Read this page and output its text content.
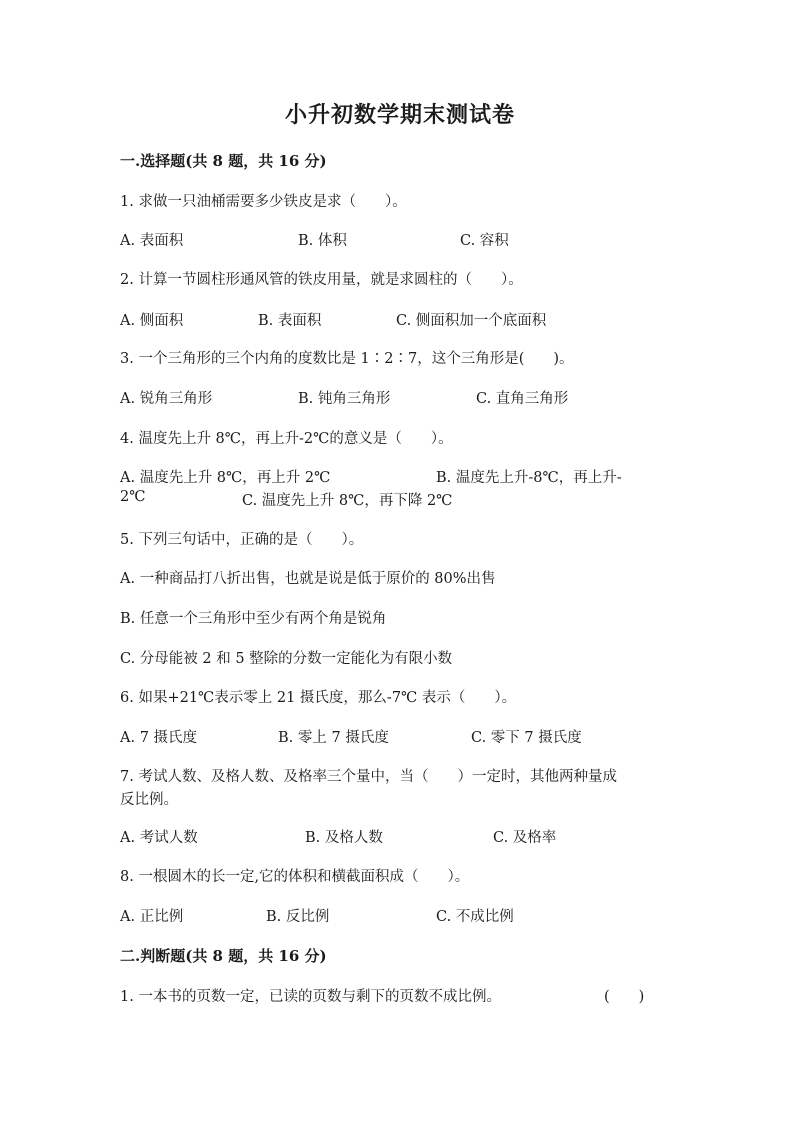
小升初数学期末测试卷
一.选择题(共 8 题，共 16 分)
1. 求做一只油桶需要多少铁皮是求（　　）。
A. 表面积	B. 体积	C. 容积
2. 计算一节圆柱形通风管的铁皮用量，就是求圆柱的（　　）。
A. 侧面积	B. 表面积	C. 侧面积加一个底面积
3. 一个三角形的三个内角的度数比是 1∶2∶7，这个三角形是(　　)。
A. 锐角三角形	B. 钝角三角形	C. 直角三角形
4. 温度先上升 8℃，再上升-2℃的意义是（　　）。
A. 温度先上升 8℃，再上升 2℃	B. 温度先上升-8℃，再上升-
2℃	C. 温度先上升 8℃，再下降 2℃
5. 下列三句话中，正确的是（　　）。
A. 一种商品打八折出售，也就是说是低于原价的 80%出售
B. 任意一个三角形中至少有两个角是锐角
C. 分母能被 2 和 5 整除的分数一定能化为有限小数
6. 如果+21℃表示零上 21 摄氏度，那么-7℃ 表示（　　）。
A. 7 摄氏度	B. 零上 7 摄氏度	C. 零下 7 摄氏度
7. 考试人数、及格人数、及格率三个量中，当（　　）一定时，其他两种量成
反比例。
A. 考试人数	B. 及格人数	C. 及格率
8. 一根圆木的长一定,它的体积和横截面积成（　　）。
A. 正比例	B. 反比例	C. 不成比例
二.判断题(共 8 题，共 16 分)
1. 一本书的页数一定，已读的页数与剩下的页数不成比例。	(　　)
